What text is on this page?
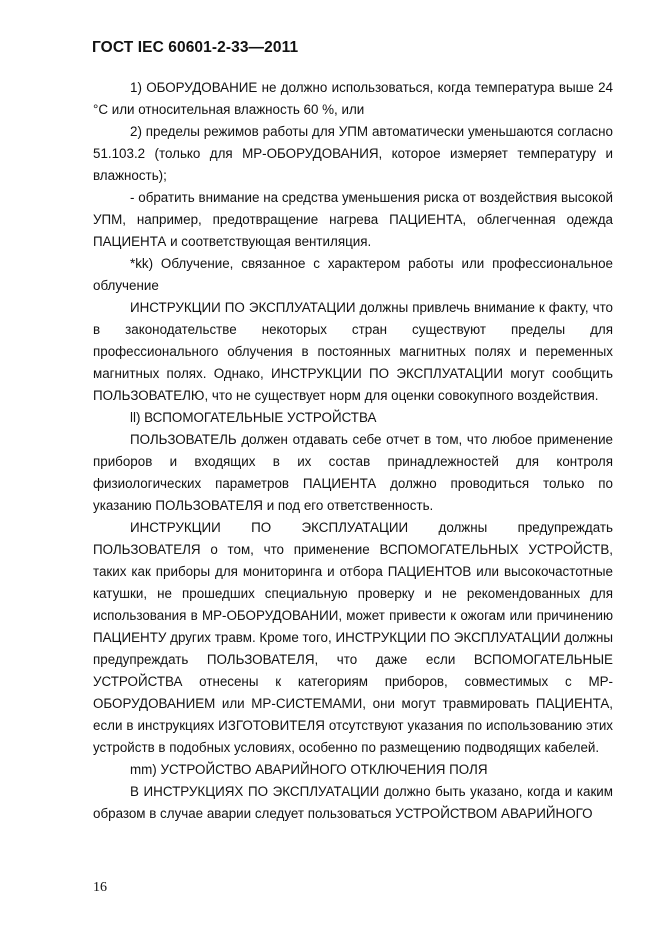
ГОСТ IEC 60601-2-33—2011

1) ОБОРУДОВАНИЕ не должно использоваться, когда температура выше 24 °C или относительная влажность 60 %, или

2) пределы режимов работы для УПМ автоматически уменьшаются согласно 51.103.2 (только для МР-ОБОРУДОВАНИЯ, которое измеряет температуру и влажность);

- обратить внимание на средства уменьшения риска от воздействия высокой УПМ, например, предотвращение нагрева ПАЦИЕНТА, облегченная одежда ПАЦИЕНТА и соответствующая вентиляция.

*kk) Облучение, связанное с характером работы или профессиональное облучение

ИНСТРУКЦИИ ПО ЭКСПЛУАТАЦИИ должны привлечь внимание к факту, что в законодательстве некоторых стран существуют пределы для профессионального облучения в постоянных магнитных полях и переменных магнитных полях. Однако, ИНСТРУКЦИИ ПО ЭКСПЛУАТАЦИИ могут сообщить ПОЛЬЗОВАТЕЛЮ, что не существует норм для оценки совокупного воздействия.

ll) ВСПОМОГАТЕЛЬНЫЕ УСТРОЙСТВА

ПОЛЬЗОВАТЕЛЬ должен отдавать себе отчет в том, что любое применение приборов и входящих в их состав принадлежностей для контроля физиологических параметров ПАЦИЕНТА должно проводиться только по указанию ПОЛЬЗОВАТЕЛЯ и под его ответственность.

ИНСТРУКЦИИ ПО ЭКСПЛУАТАЦИИ должны предупреждать ПОЛЬЗОВАТЕЛЯ о том, что применение ВСПОМОГАТЕЛЬНЫХ УСТРОЙСТВ, таких как приборы для мониторинга и отбора ПАЦИЕНТОВ или высокочастотные катушки, не прошедших специальную проверку и не рекомендованных для использования в МР-ОБОРУДОВАНИИ, может привести к ожогам или причинению ПАЦИЕНТУ других травм. Кроме того, ИНСТРУКЦИИ ПО ЭКСПЛУАТАЦИИ должны предупреждать ПОЛЬЗОВАТЕЛЯ, что даже если ВСПОМОГАТЕЛЬНЫЕ УСТРОЙСТВА отнесены к категориям приборов, совместимых с МР-ОБОРУДОВАНИЕМ или МР-СИСТЕМАМИ, они могут травмировать ПАЦИЕНТА, если в инструкциях ИЗГОТОВИТЕЛЯ отсутствуют указания по использованию этих устройств в подобных условиях, особенно по размещению подводящих кабелей.

mm) УСТРОЙСТВО АВАРИЙНОГО ОТКЛЮЧЕНИЯ ПОЛЯ

В ИНСТРУКЦИЯХ ПО ЭКСПЛУАТАЦИИ должно быть указано, когда и каким образом в случае аварии следует пользоваться УСТРОЙСТВОМ АВАРИЙНОГО

16
